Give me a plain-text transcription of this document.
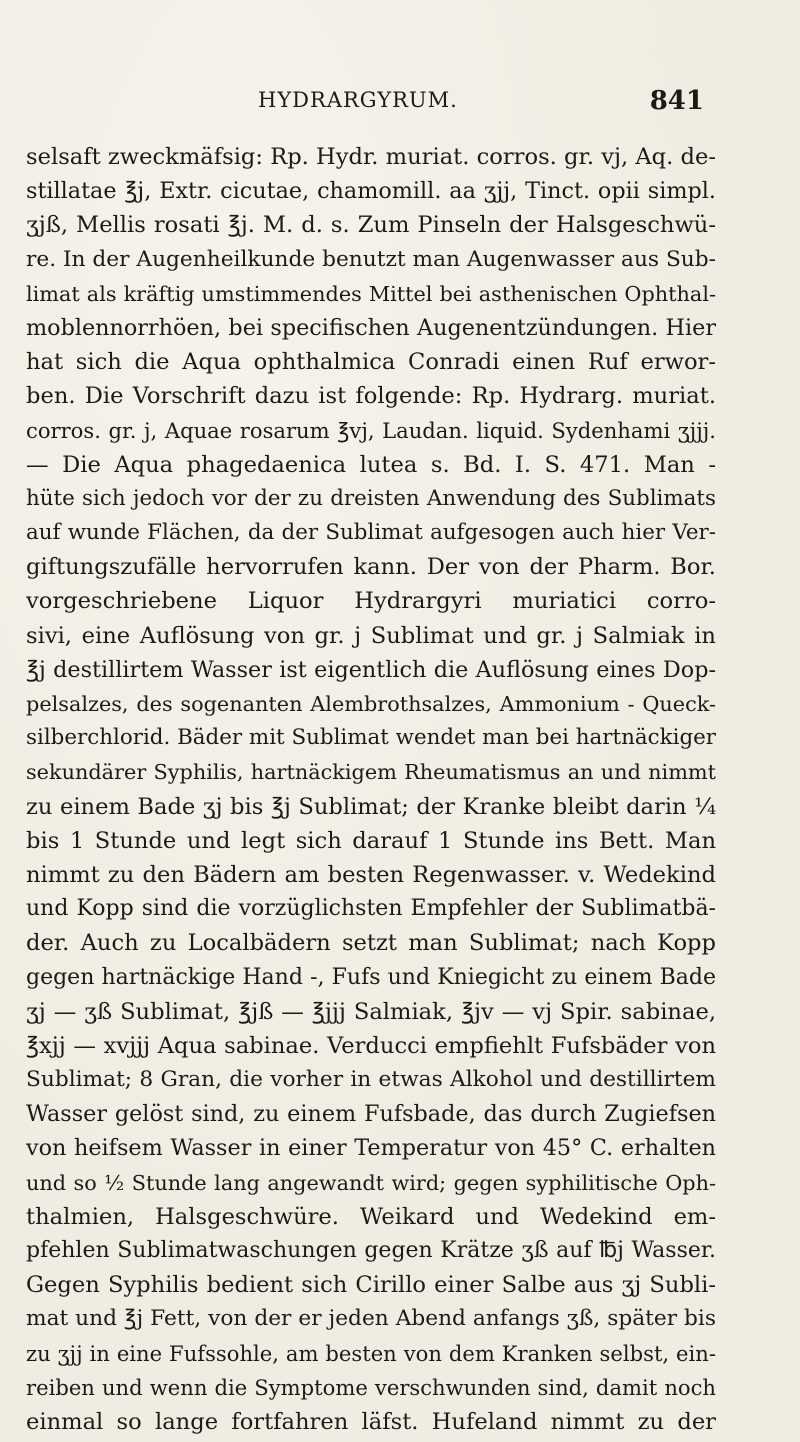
HYDRARGYRUM.	841
selsaft zweckmäfsig: Rp. Hydr. muriat. corros. gr. vj, Aq. de-
stillatae ℥j, Extr. cicutae, chamomill. aa ʒjj, Tinct. opii simpl.
ʒjß, Mellis rosati ℥j. M. d. s. Zum Pinseln der Halsgeschwü-
re. In der Augenheilkunde benutzt man Augenwasser aus Sub-
limat als kräftig umstimmendes Mittel bei asthenischen Ophthal-
moblennorrhöen, bei specifischen Augenentzündungen. Hier
hat sich die Aqua ophthalmica Conradi einen Ruf erwor-
ben. Die Vorschrift dazu ist folgende: Rp. Hydrarg. muriat.
corros. gr. j, Aquae rosarum ℥vj, Laudan. liquid. Sydenhami ʒjjj.
— Die Aqua phagedaenica lutea s. Bd. I. S. 471. Man -
hüte sich jedoch vor der zu dreisten Anwendung des Sublimats
auf wunde Flächen, da der Sublimat aufgesogen auch hier Ver-
giftungszufälle hervorrufen kann. Der von der Pharm. Bor.
vorgeschriebene Liquor Hydrargyri muriatici corro-
sivi, eine Auflösung von gr. j Sublimat und gr. j Salmiak in
℥j destillirtem Wasser ist eigentlich die Auflösung eines Dop-
pelsalzes, des sogenanten Alembrothsalzes, Ammonium - Queck-
silberchlorid. Bäder mit Sublimat wendet man bei hartnäckiger
sekundärer Syphilis, hartnäckigem Rheumatismus an und nimmt
zu einem Bade ʒj bis ℥j Sublimat; der Kranke bleibt darin ¼
bis 1 Stunde und legt sich darauf 1 Stunde ins Bett. Man
nimmt zu den Bädern am besten Regenwasser. v. Wedekind
und Kopp sind die vorzüglichsten Empfehler der Sublimatbä-
der. Auch zu Localbädern setzt man Sublimat; nach Kopp
gegen hartnäckige Hand -, Fufs und Kniegicht zu einem Bade
ʒj — ʒß Sublimat, ℥jß — ℥jjj Salmiak, ℥jv — vj Spir. sabinae,
℥xjj — xvjjj Aqua sabinae. Verducci empfiehlt Fufsbäder von
Sublimat; 8 Gran, die vorher in etwas Alkohol und destillirtem
Wasser gelöst sind, zu einem Fufsbade, das durch Zugiefsen
von heifsem Wasser in einer Temperatur von 45° C. erhalten
und so ½ Stunde lang angewandt wird; gegen syphilitische Oph-
thalmien, Halsgeschwüre. Weikard und Wedekind em-
pfehlen Sublimatwaschungen gegen Krätze ʒß auf ℔j Wasser.
Gegen Syphilis bedient sich Cirillo einer Salbe aus ʒj Subli-
mat und ℥j Fett, von der er jeden Abend anfangs ʒß, später bis
zu ʒjj in eine Fufssohle, am besten von dem Kranken selbst, ein-
reiben und wenn die Symptome verschwunden sind, damit noch
einmal so lange fortfahren läfst. Hufeland nimmt zu der
